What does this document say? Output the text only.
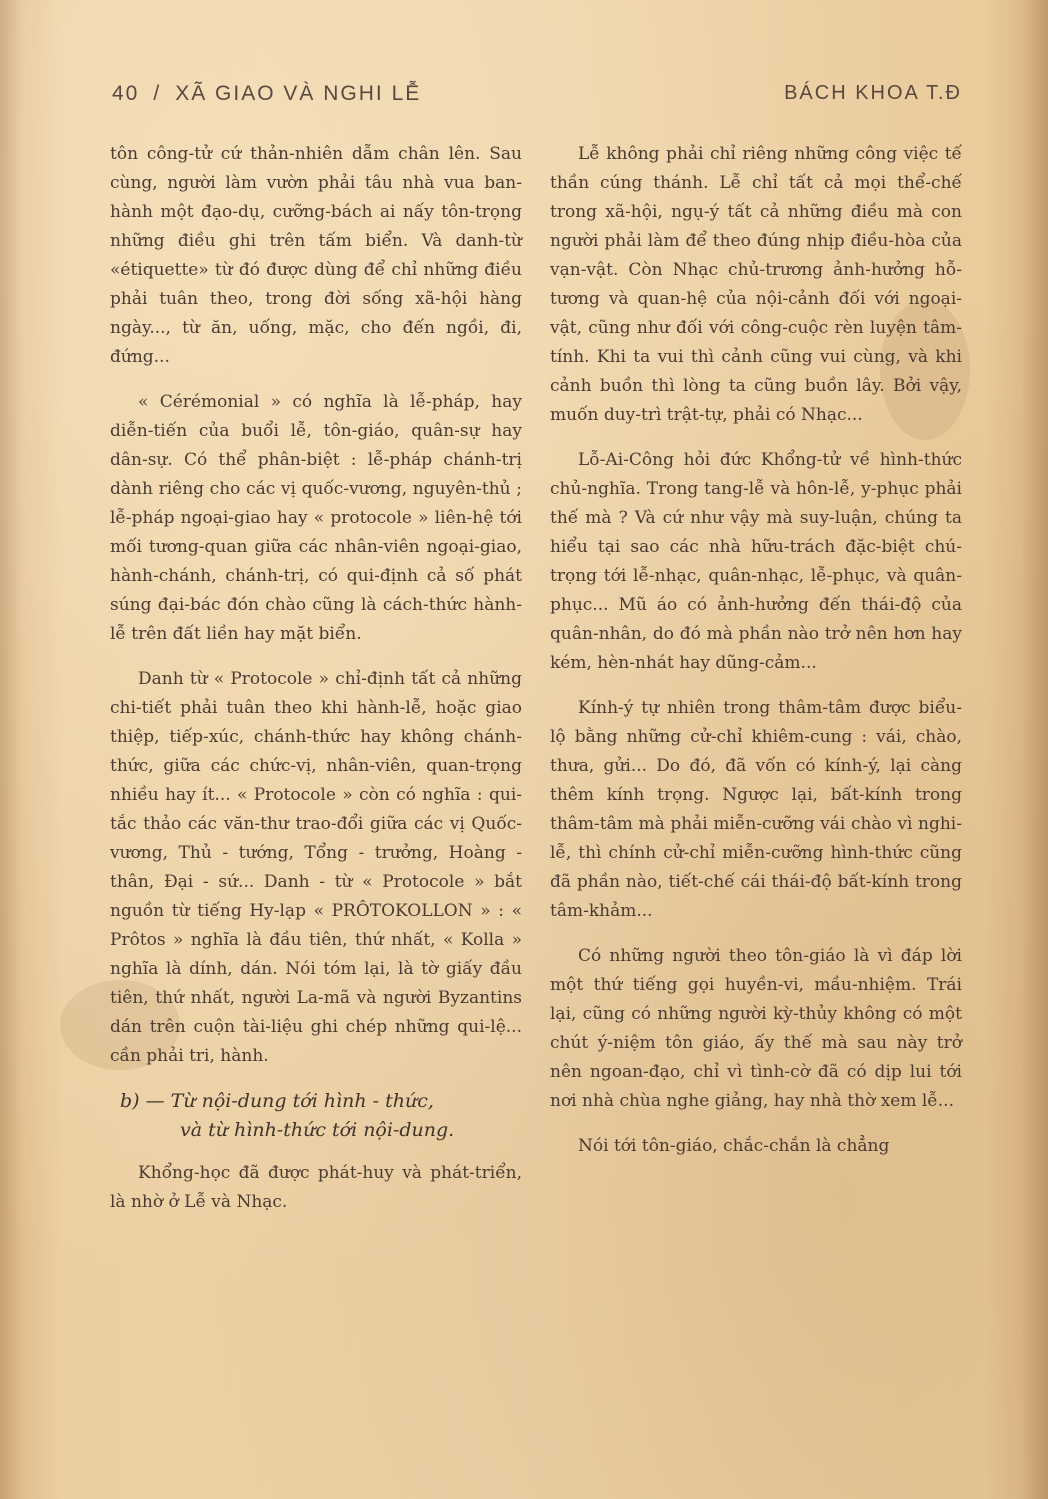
40 / XÃ GIAO VÀ NGHI LỄ	BÁCH KHOA T.Đ

tôn công-tử cứ thản-nhiên dẫm chân lên. Sau cùng, người làm vườn phải tâu nhà vua ban-hành một đạo-dụ, cưỡng-bách ai nấy tôn-trọng những điều ghi trên tấm biển. Và danh-từ «étiquette» từ đó được dùng để chỉ những điều phải tuân theo, trong đời sống xã-hội hàng ngày..., từ ăn, uống, mặc, cho đến ngồi, đi, đứng...

« Cérémonial » có nghĩa là lễ-pháp, hay diễn-tiến của buổi lễ, tôn-giáo, quân-sự hay dân-sự. Có thể phân-biệt : lễ-pháp chánh-trị dành riêng cho các vị quốc-vương, nguyên-thủ ; lễ-pháp ngoại-giao hay « protocole » liên-hệ tới mối tương-quan giữa các nhân-viên ngoại-giao, hành-chánh, chánh-trị, có qui-định cả số phát súng đại-bác đón chào cũng là cách-thức hành-lễ trên đất liền hay mặt biển.

Danh từ « Protocole » chỉ-định tất cả những chi-tiết phải tuân theo khi hành-lễ, hoặc giao thiệp, tiếp-xúc, chánh-thức hay không chánh-thức, giữa các chức-vị, nhân-viên, quan-trọng nhiều hay ít... « Protocole » còn có nghĩa : qui-tắc thảo các văn-thư trao-đổi giữa các vị Quốc-vương, Thủ - tướng, Tổng - trưởng, Hoàng - thân, Đại - sứ... Danh - từ « Protocole » bắt nguồn từ tiếng Hy-lạp « PRÔTOKOLLON » : « Prôtos » nghĩa là đầu tiên, thứ nhất, « Kolla » nghĩa là dính, dán. Nói tóm lại, là tờ giấy đầu tiên, thứ nhất, người La-mã và người Byzantins dán trên cuộn tài-liệu ghi chép những qui-lệ... cần phải tri, hành.

b) — Từ nội-dung tới hình - thức,
và từ hình-thức tới nội-dung.

Khổng-học đã được phát-huy và phát-triển, là nhờ ở Lễ và Nhạc.

Lễ không phải chỉ riêng những công việc tế thần cúng thánh. Lễ chỉ tất cả mọi thể-chế trong xã-hội, ngụ-ý tất cả những điều mà con người phải làm để theo đúng nhịp điều-hòa của vạn-vật. Còn Nhạc chủ-trương ảnh-hưởng hỗ-tương và quan-hệ của nội-cảnh đối với ngoại-vật, cũng như đối với công-cuộc rèn luyện tâm-tính. Khi ta vui thì cảnh cũng vui cùng, và khi cảnh buồn thì lòng ta cũng buồn lây. Bởi vậy, muốn duy-trì trật-tự, phải có Nhạc...

Lỗ-Ai-Công hỏi đức Khổng-tử về hình-thức chủ-nghĩa. Trong tang-lễ và hôn-lễ, y-phục phải thế mà ? Và cứ như vậy mà suy-luận, chúng ta hiểu tại sao các nhà hữu-trách đặc-biệt chú-trọng tới lễ-nhạc, quân-nhạc, lễ-phục, và quân-phục... Mũ áo có ảnh-hưởng đến thái-độ của quân-nhân, do đó mà phần nào trở nên hơn hay kém, hèn-nhát hay dũng-cảm...

Kính-ý tự nhiên trong thâm-tâm được biểu-lộ bằng những cử-chỉ khiêm-cung : vái, chào, thưa, gửi... Do đó, đã vốn có kính-ý, lại càng thêm kính trọng. Ngược lại, bất-kính trong thâm-tâm mà phải miễn-cưỡng vái chào vì nghi-lễ, thì chính cử-chỉ miễn-cưỡng hình-thức cũng đã phần nào, tiết-chế cái thái-độ bất-kính trong tâm-khảm...

Có những người theo tôn-giáo là vì đáp lời một thứ tiếng gọi huyền-vi, mầu-nhiệm. Trái lại, cũng có những người kỳ-thủy không có một chút ý-niệm tôn giáo, ấy thế mà sau này trở nên ngoan-đạo, chỉ vì tình-cờ đã có dịp lui tới nơi nhà chùa nghe giảng, hay nhà thờ xem lễ...

Nói tới tôn-giáo, chắc-chắn là chẳng
